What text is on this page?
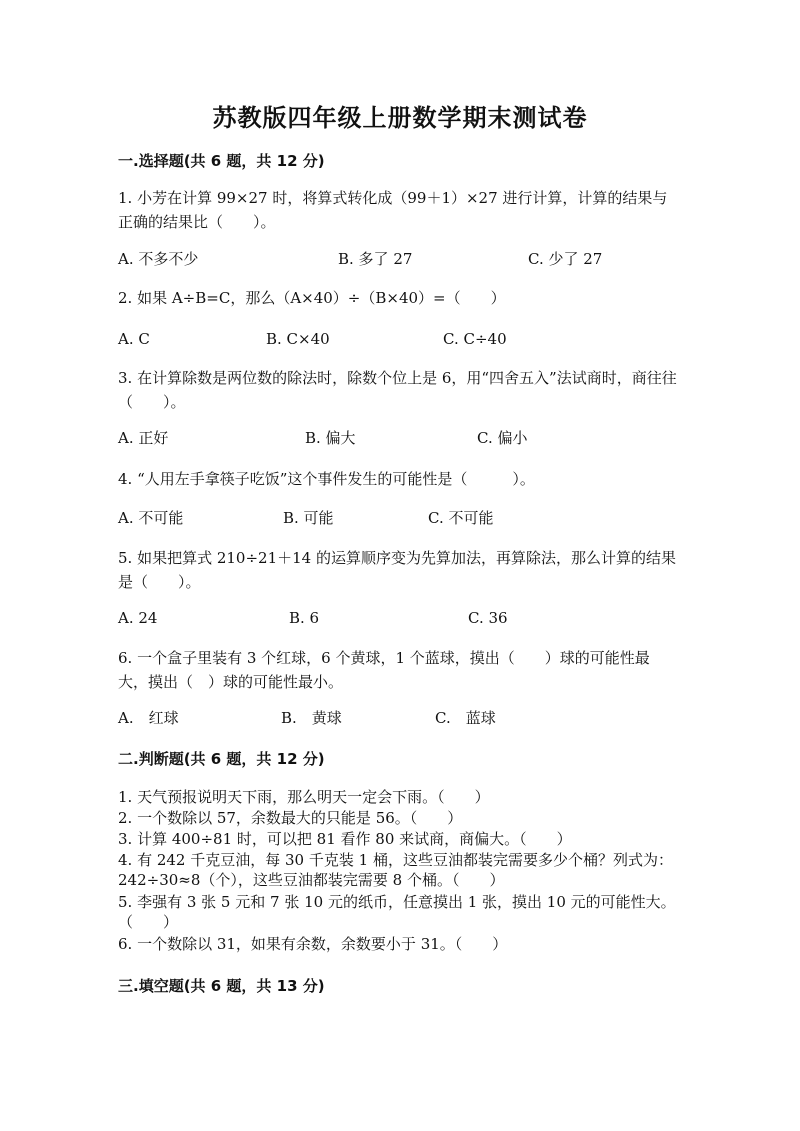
苏教版四年级上册数学期末测试卷
一.选择题(共 6 题，共 12 分)
1. 小芳在计算 99×27 时，将算式转化成（99＋1）×27 进行计算，计算的结果与正确的结果比（　　）。
A. 不多不少	B. 多了 27	C. 少了 27
2. 如果 A÷B=C，那么（A×40）÷（B×40）=（　　）
A. C	B. C×40	C. C÷40
3. 在计算除数是两位数的除法时，除数个位上是 6，用“四舍五入”法试商时，商往往（　　）。
A. 正好	B. 偏大	C. 偏小
4. “人用左手拿筷子吃饭”这个事件发生的可能性是（　　　）。
A. 不可能	B. 可能	C. 不可能
5. 如果把算式 210÷21＋14 的运算顺序变为先算加法，再算除法，那么计算的结果是（　　）。
A. 24	B. 6	C. 36
6. 一个盒子里装有 3 个红球，6 个黄球，1 个蓝球，摸出（　　）球的可能性最大，摸出（　）球的可能性最小。
A.　红球	B.　黄球	C.　蓝球
二.判断题(共 6 题，共 12 分)
1. 天气预报说明天下雨，那么明天一定会下雨。（　　）
2. 一个数除以 57，余数最大的只能是 56。（　　）
3. 计算 400÷81 时，可以把 81 看作 80 来试商，商偏大。（　　）
4. 有 242 千克豆油，每 30 千克装 1 桶，这些豆油都装完需要多少个桶？列式为：242÷30≈8（个），这些豆油都装完需要 8 个桶。（　　）
5. 李强有 3 张 5 元和 7 张 10 元的纸币，任意摸出 1 张，摸出 10 元的可能性大。　（　　）
6. 一个数除以 31，如果有余数，余数要小于 31。（　　）
三.填空题(共 6 题，共 13 分)
